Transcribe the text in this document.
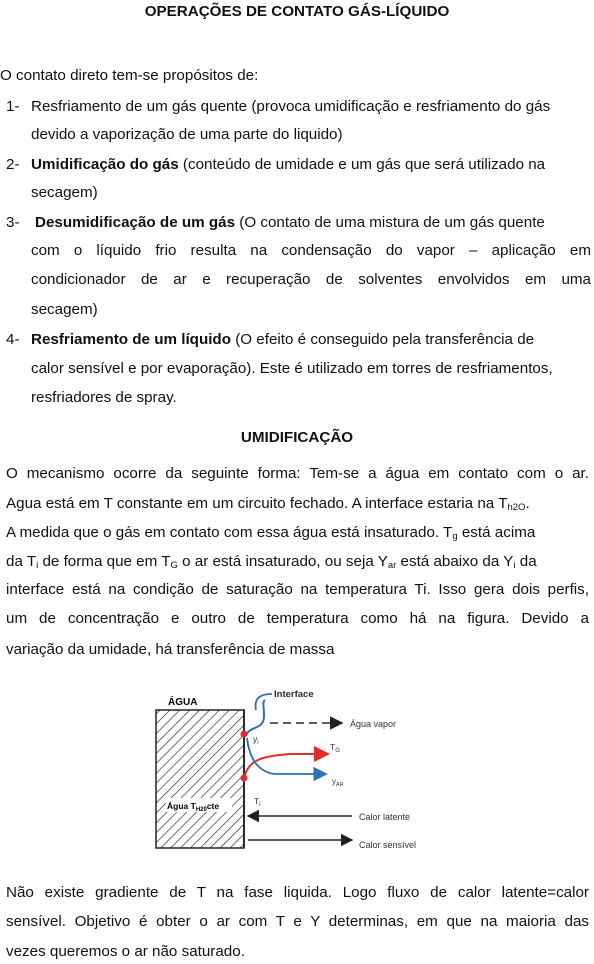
OPERAÇÕES DE CONTATO GÁS-LÍQUIDO
O contato direto tem-se propósitos de:
1- Resfriamento de um gás quente (provoca umidificação e resfriamento do gás
devido a vaporização de uma parte do liquido)
2- Umidificação do gás (conteúdo de umidade e um gás que será utilizado na
secagem)
3- Desumidificação de um gás (O contato de uma mistura de um gás quente
com o líquido frio resulta na condensação do vapor – aplicação em
condicionador de ar e recuperação de solventes envolvidos em uma
secagem)
4- Resfriamento de um líquido (O efeito é conseguido pela transferência de
calor sensível e por evaporação). Este é utilizado em torres de resfriamentos,
resfriadores de spray.
UMIDIFICAÇÃO
O mecanismo ocorre da seguinte forma: Tem-se a água em contato com o ar.
Agua está em T constante em um circuito fechado. A interface estaria na $T_{h2O}$.
A medida que o gás em contato com essa água está insaturado. $T_g$ está acima
da $T_i$ de forma que em $T_G$ o ar está insaturado, ou seja $Y_{ar}$ está abaixo da $Y_i$ da
interface está na condição de saturação na temperatura Ti. Isso gera dois perfis,
um de concentração e outro de temperatura como há na figura. Devido a
variação da umidade, há transferência de massa
ÁGUA
Água $T_{H20}cte$
Interface
Água vapor
$y_i$	$T_G$
$y_{AR}$
$T_i$
Calor latente
Calor sensível
Não existe gradiente de T na fase liquida. Logo fluxo de calor latente=calor
sensível. Objetivo é obter o ar com T e Y determinas, em que na maioria das
vezes queremos o ar não saturado.
